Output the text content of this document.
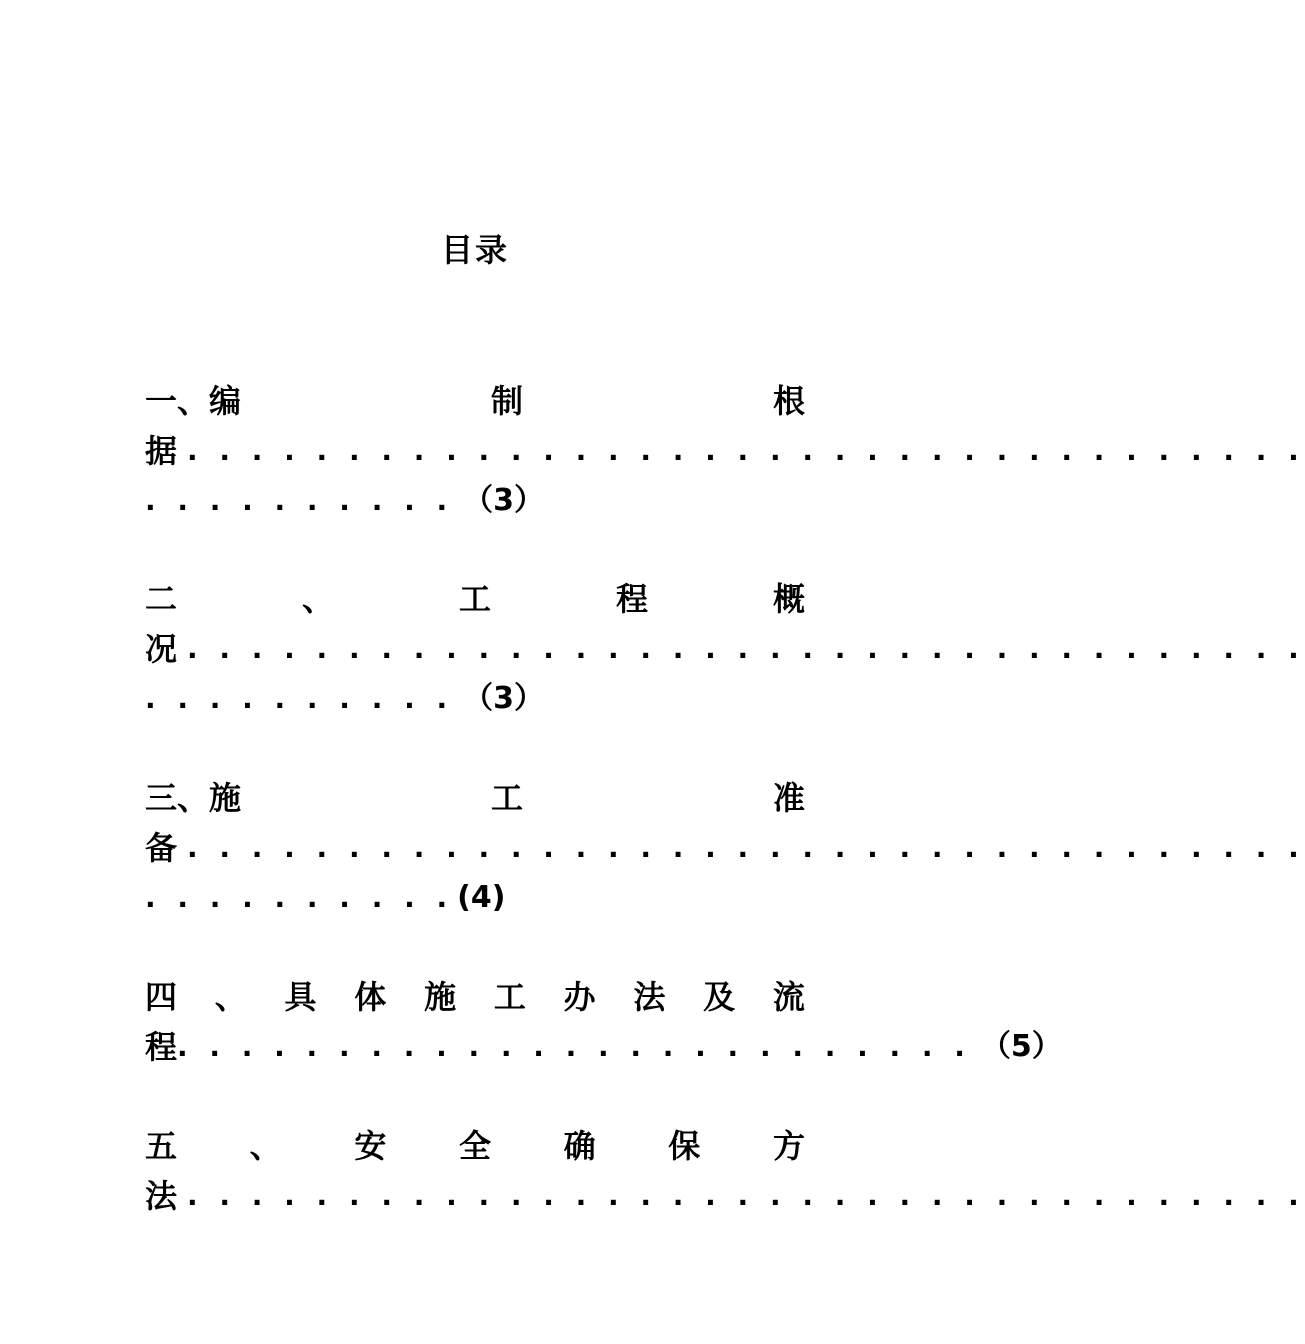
目录
一、编	制	根
据 . . . . . . . . . . . . . . . . . . . . . . . . . . . . . . . . . . .
. . . . . . . . . . （3）
二	、	工	程	概
况 . . . . . . . . . . . . . . . . . . . . . . . . . . . . . . . . . . .
. . . . . . . . . . （3）
三、施	工	准
备 . . . . . . . . . . . . . . . . . . . . . . . . . . . . . . . . . . .
. . . . . . . . . . (4)
四 、 具 体 施 工 办 法 及 流
程 . . . . . . . . . . . . . . . . . . . . . . . . . （5）
五 、 安 全 确 保 方
法 . . . . . . . . . . . . . . . . . . . . . . . . . . . . . . . . . . .
